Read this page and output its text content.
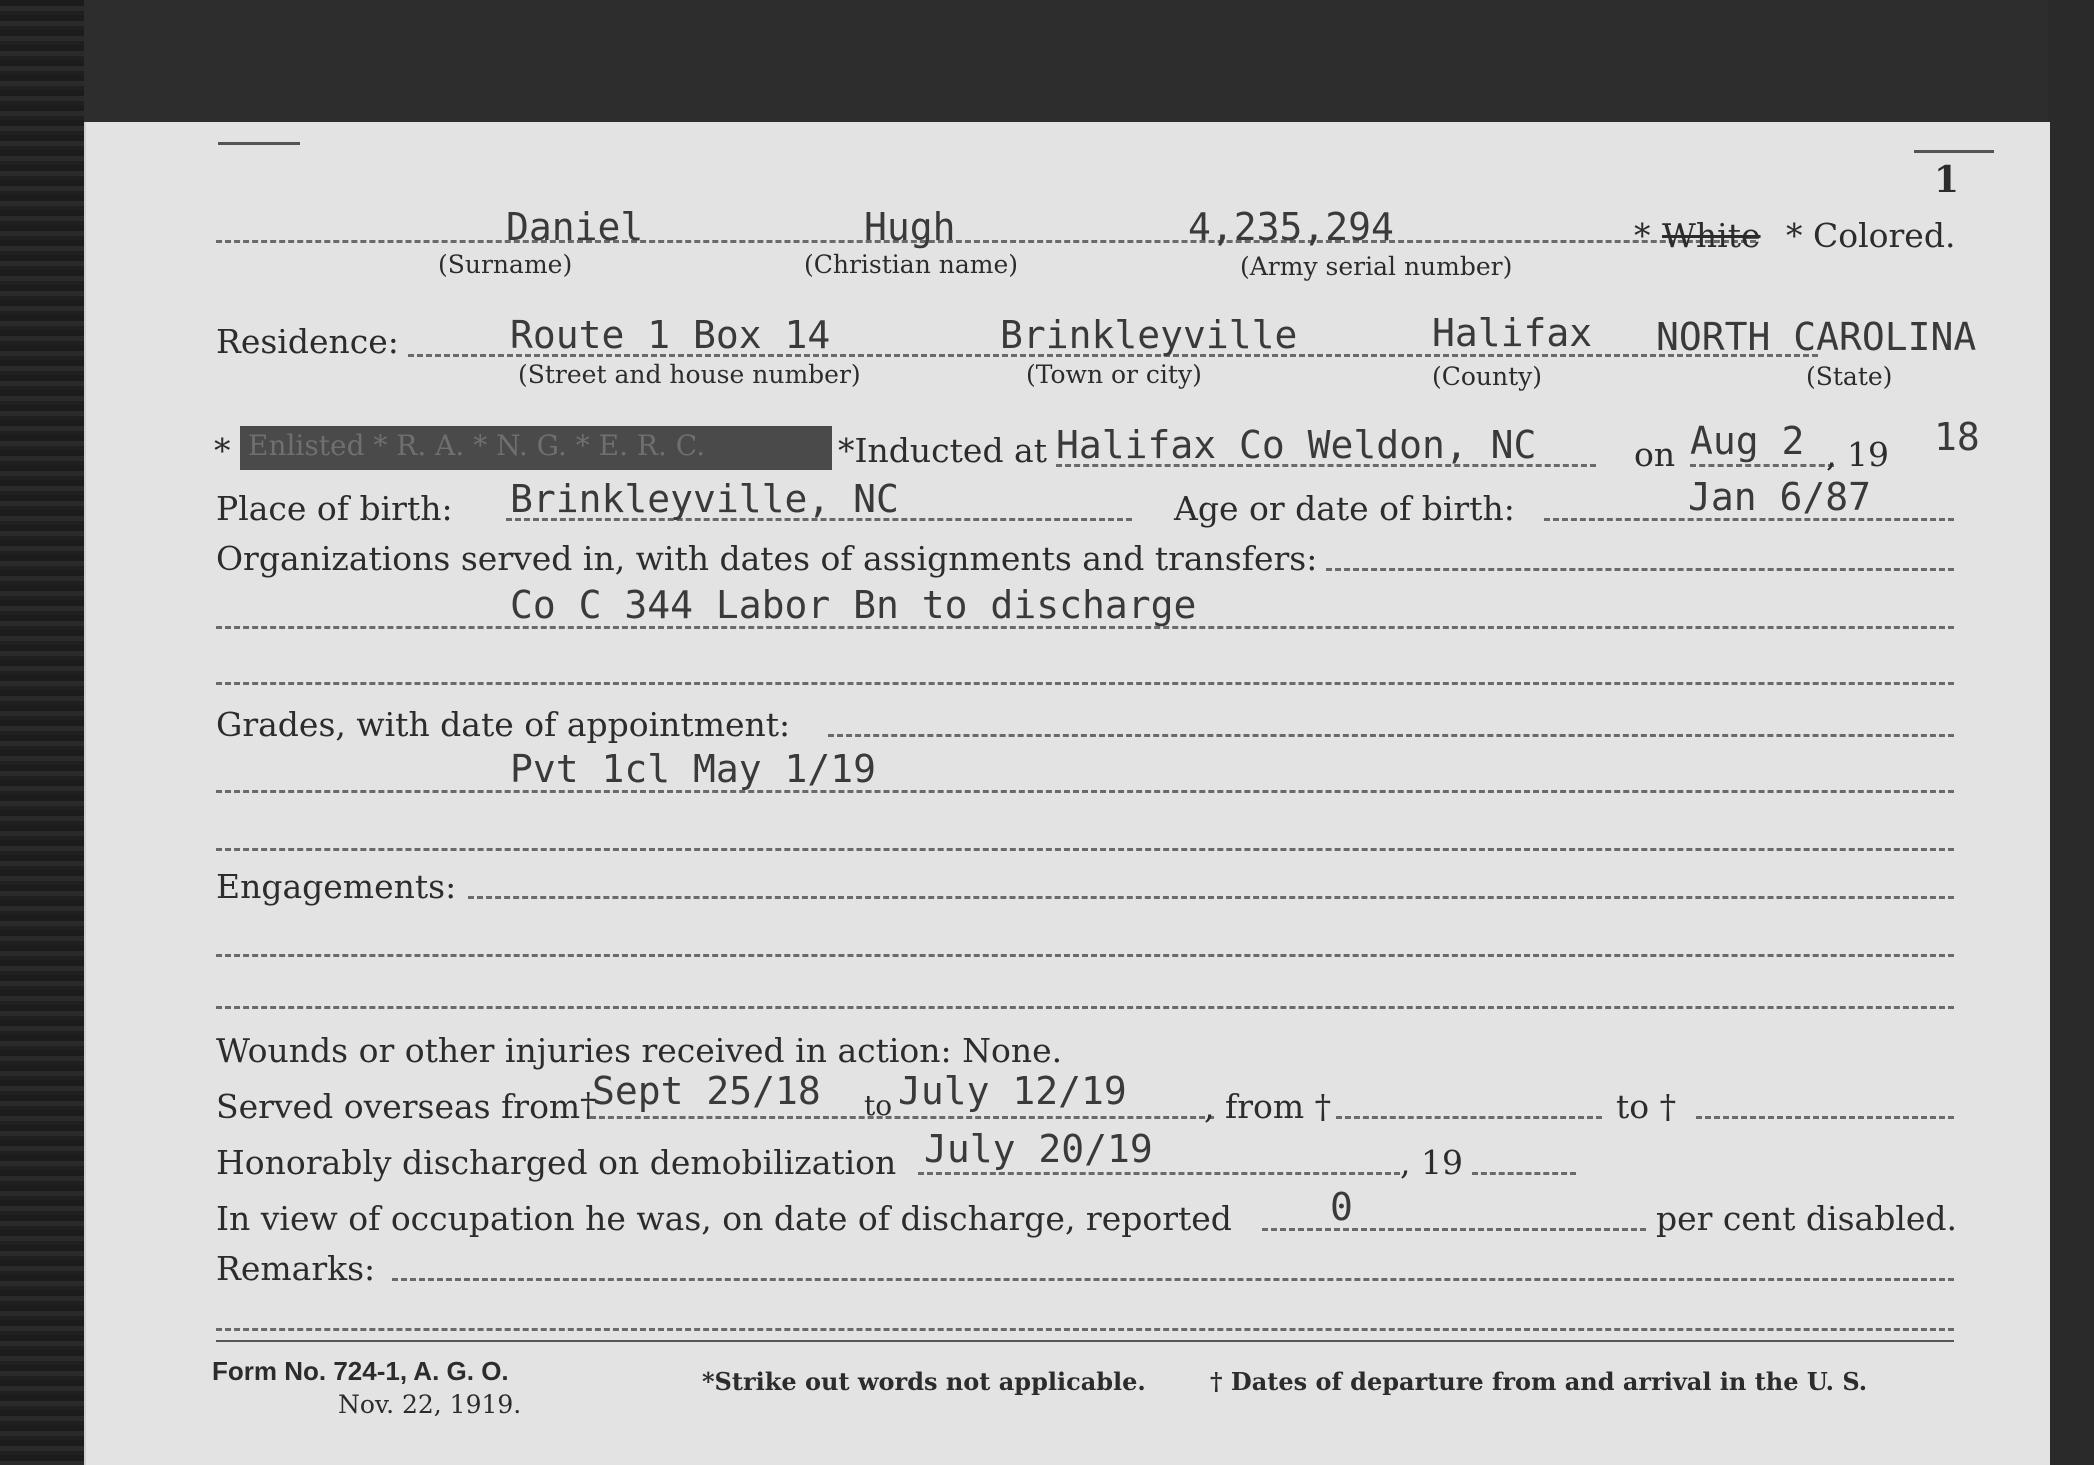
1
Daniel	Hugh	4,235,294
(Surname)	(Christian name)	(Army serial number)
* White * Colored.
Residence:	Route 1 Box 14	Brinkleyville	Halifax NORTH CAROLINA
(Street and house number)	(Town or city)	(County)	(State)
* Enlisted * R. A. * N. G. * E. R. C.	*Inducted at Halifax Co Weldon, NC	on Aug 2 , 19 18
Place of birth: Brinkleyville, NC	Age or date of birth:	Jan 6/87
Organizations served in, with dates of assignments and transfers:
Co C 344 Labor Bn to discharge
Grades, with date of appointment:
Pvt 1cl May 1/19
Engagements:
Wounds or other injuries received in action: None.
Served overseas from †
Sept 25/18 to July 12/19 , from †	to †
Honorably discharged on demobilization July 20/19	, 19
In view of occupation he was, on date of discharge, reported	0	per cent disabled.
Remarks:
Form No. 724-1, A. G. O.
Nov. 22, 1919.
*Strike out words not applicable.	† Dates of departure from and arrival in the U. S.
